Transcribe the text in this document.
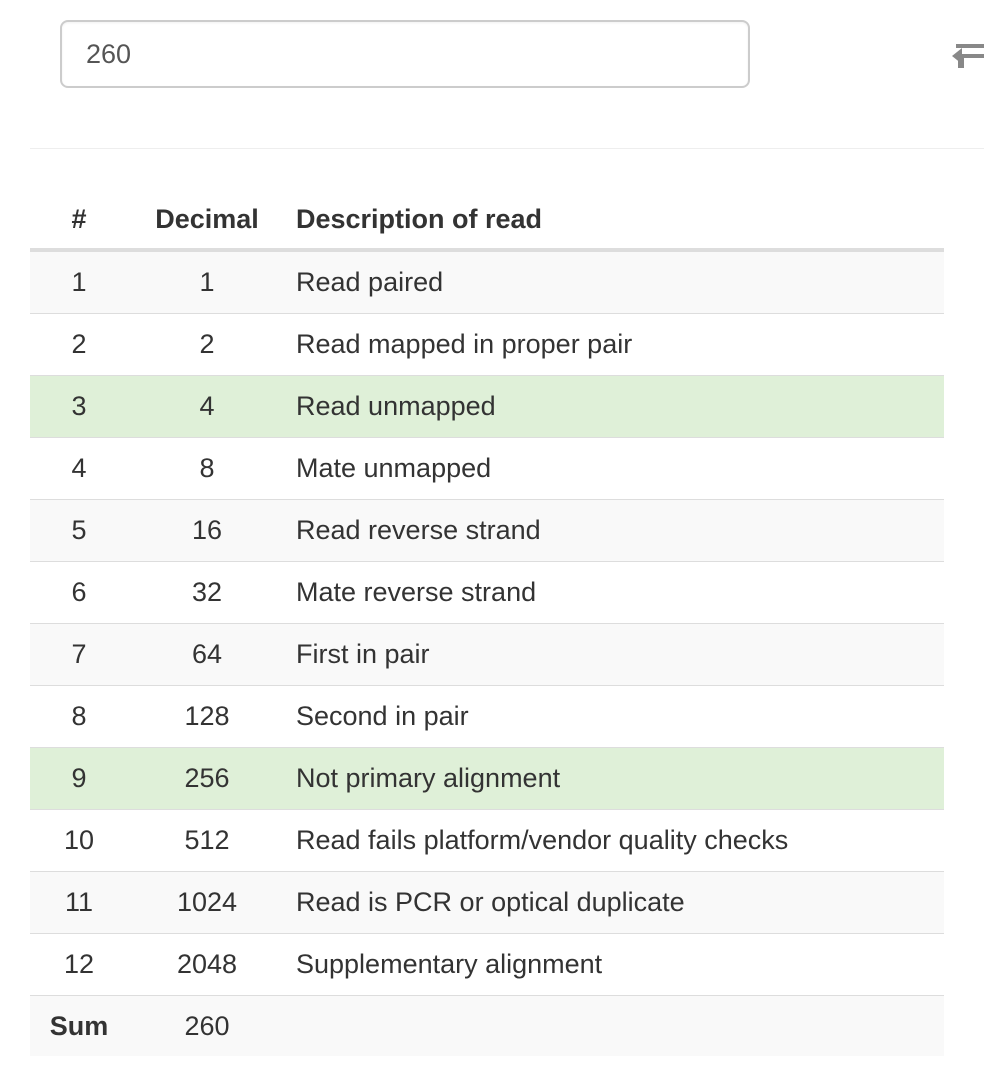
260
#	Decimal	Description of read
1	1	Read paired
2	2	Read mapped in proper pair
3	4	Read unmapped
4	8	Mate unmapped
5	16	Read reverse strand
6	32	Mate reverse strand
7	64	First in pair
8	128	Second in pair
9	256	Not primary alignment
10	512	Read fails platform/vendor quality checks
11	1024	Read is PCR or optical duplicate
12	2048	Supplementary alignment
Sum	260	
